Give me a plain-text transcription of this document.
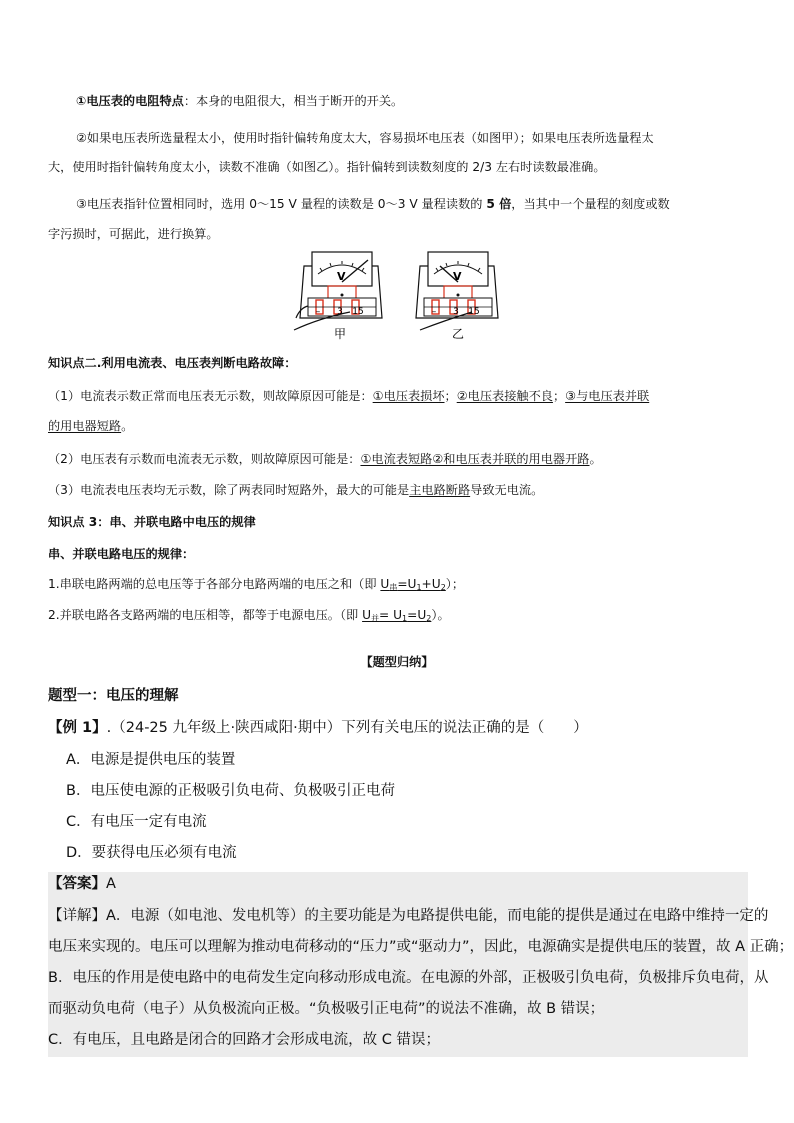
①电压表的电阻特点：本身的电阻很大，相当于断开的开关。
②如果电压表所选量程太小，使用时指针偏转角度太大，容易损坏电压表（如图甲）；如果电压表所选量程太
大，使用时指针偏转角度太小，读数不准确（如图乙）。指针偏转到读数刻度的 2/3 左右时读数最准确。
③电压表指针位置相同时，选用 0～15 V 量程的读数是 0～3 V 量程读数的 5 倍，当其中一个量程的刻度或数
字污损时，可据此，进行换算。
V
– 3 15
甲
V
– 3 15
乙
知识点二.利用电流表、电压表判断电路故障：
（1）电流表示数正常而电压表无示数，则故障原因可能是：①电压表损坏；②电压表接触不良；③与电压表并联
的用电器短路。
（2）电压表有示数而电流表无示数，则故障原因可能是：①电流表短路②和电压表并联的用电器开路。
（3）电流表电压表均无示数，除了两表同时短路外，最大的可能是主电路断路导致无电流。
知识点 3：串、并联电路中电压的规律
串、并联电路电压的规律：
1.串联电路两端的总电压等于各部分电路两端的电压之和（即 $U_串=U_1+U_2$）；
2.并联电路各支路两端的电压相等，都等于电源电压。（即 $U_并= U_1=U_2$）。
【题型归纳】
题型一：电压的理解
【例 1】.（24-25 九年级上·陕西咸阳·期中）下列有关电压的说法正确的是（　　）
A．电源是提供电压的装置
B．电压使电源的正极吸引负电荷、负极吸引正电荷
C．有电压一定有电流
D．要获得电压必须有电流
【答案】A
【详解】A．电源（如电池、发电机等）的主要功能是为电路提供电能，而电能的提供是通过在电路中维持一定的
电压来实现的。电压可以理解为推动电荷移动的“压力”或“驱动力”，因此，电源确实是提供电压的装置，故 A 正确；
B．电压的作用是使电路中的电荷发生定向移动形成电流。在电源的外部，正极吸引负电荷，负极排斥负电荷，从
而驱动负电荷（电子）从负极流向正极。“负极吸引正电荷”的说法不准确，故 B 错误；
C．有电压，且电路是闭合的回路才会形成电流，故 C 错误；
